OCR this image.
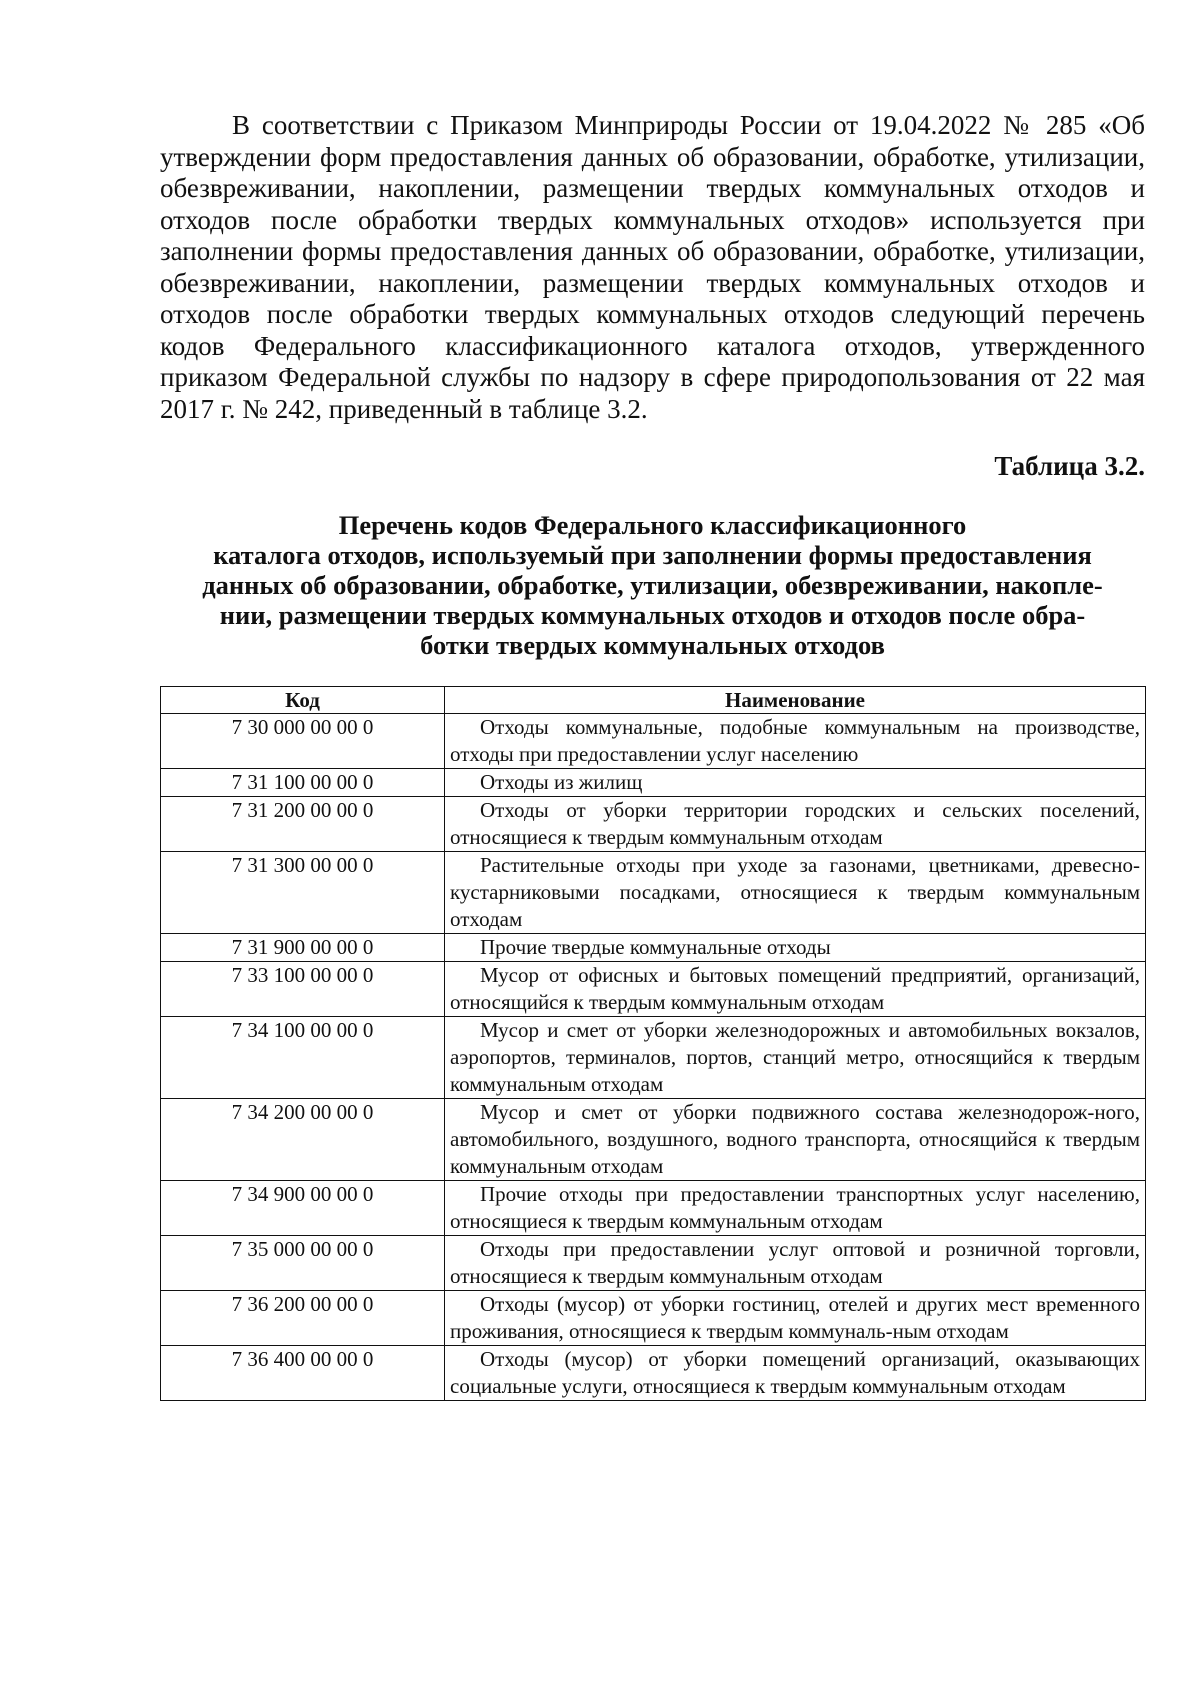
В соответствии с Приказом Минприроды России от 19.04.2022 № 285 «Об утверждении форм предоставления данных об образовании, обработке, утилизации, обезвреживании, накоплении, размещении твердых коммунальных отходов и отходов после обработки твердых коммунальных отходов» используется при заполнении формы предоставления данных об образовании, обработке, утилизации, обезвреживании, накоплении, размещении твердых коммунальных отходов и отходов после обработки твердых коммунальных отходов следующий перечень кодов Федерального классификационного каталога отходов, утвержденного приказом Федеральной службы по надзору в сфере природопользования от 22 мая 2017 г. № 242, приведенный в таблице 3.2.

Таблица 3.2.
Перечень кодов Федерального классификационного
каталога отходов, используемый при заполнении формы предоставления
данных об образовании, обработке, утилизации, обезвреживании, накопле-
нии, размещении твердых коммунальных отходов и отходов после обра-
ботки твердых коммунальных отходов
Код	Наименование
7 30 000 00 00 0	Отходы коммунальные, подобные коммунальным на производстве, отходы при предоставлении услуг населению
7 31 100 00 00 0	Отходы из жилищ
7 31 200 00 00 0	Отходы от уборки территории городских и сельских поселений, относящиеся к твердым коммунальным отходам
7 31 300 00 00 0	Растительные отходы при уходе за газонами, цветниками, древесно-кустарниковыми посадками, относящиеся к твердым коммунальным отходам
7 31 900 00 00 0	Прочие твердые коммунальные отходы
7 33 100 00 00 0	Мусор от офисных и бытовых помещений предприятий, организаций, относящийся к твердым коммунальным отходам
7 34 100 00 00 0	Мусор и смет от уборки железнодорожных и автомобильных вокзалов, аэропортов, терминалов, портов, станций метро, относящийся к твердым коммунальным отходам
7 34 200 00 00 0	Мусор и смет от уборки подвижного состава железнодорож-ного, автомобильного, воздушного, водного транспорта, относящийся к твердым коммунальным отходам
7 34 900 00 00 0	Прочие отходы при предоставлении транспортных услуг населению, относящиеся к твердым коммунальным отходам
7 35 000 00 00 0	Отходы при предоставлении услуг оптовой и розничной торговли, относящиеся к твердым коммунальным отходам
7 36 200 00 00 0	Отходы (мусор) от уборки гостиниц, отелей и других мест временного проживания, относящиеся к твердым коммуналь-ным отходам
7 36 400 00 00 0	Отходы (мусор) от уборки помещений организаций, оказывающих социальные услуги, относящиеся к твердым коммунальным отходам
